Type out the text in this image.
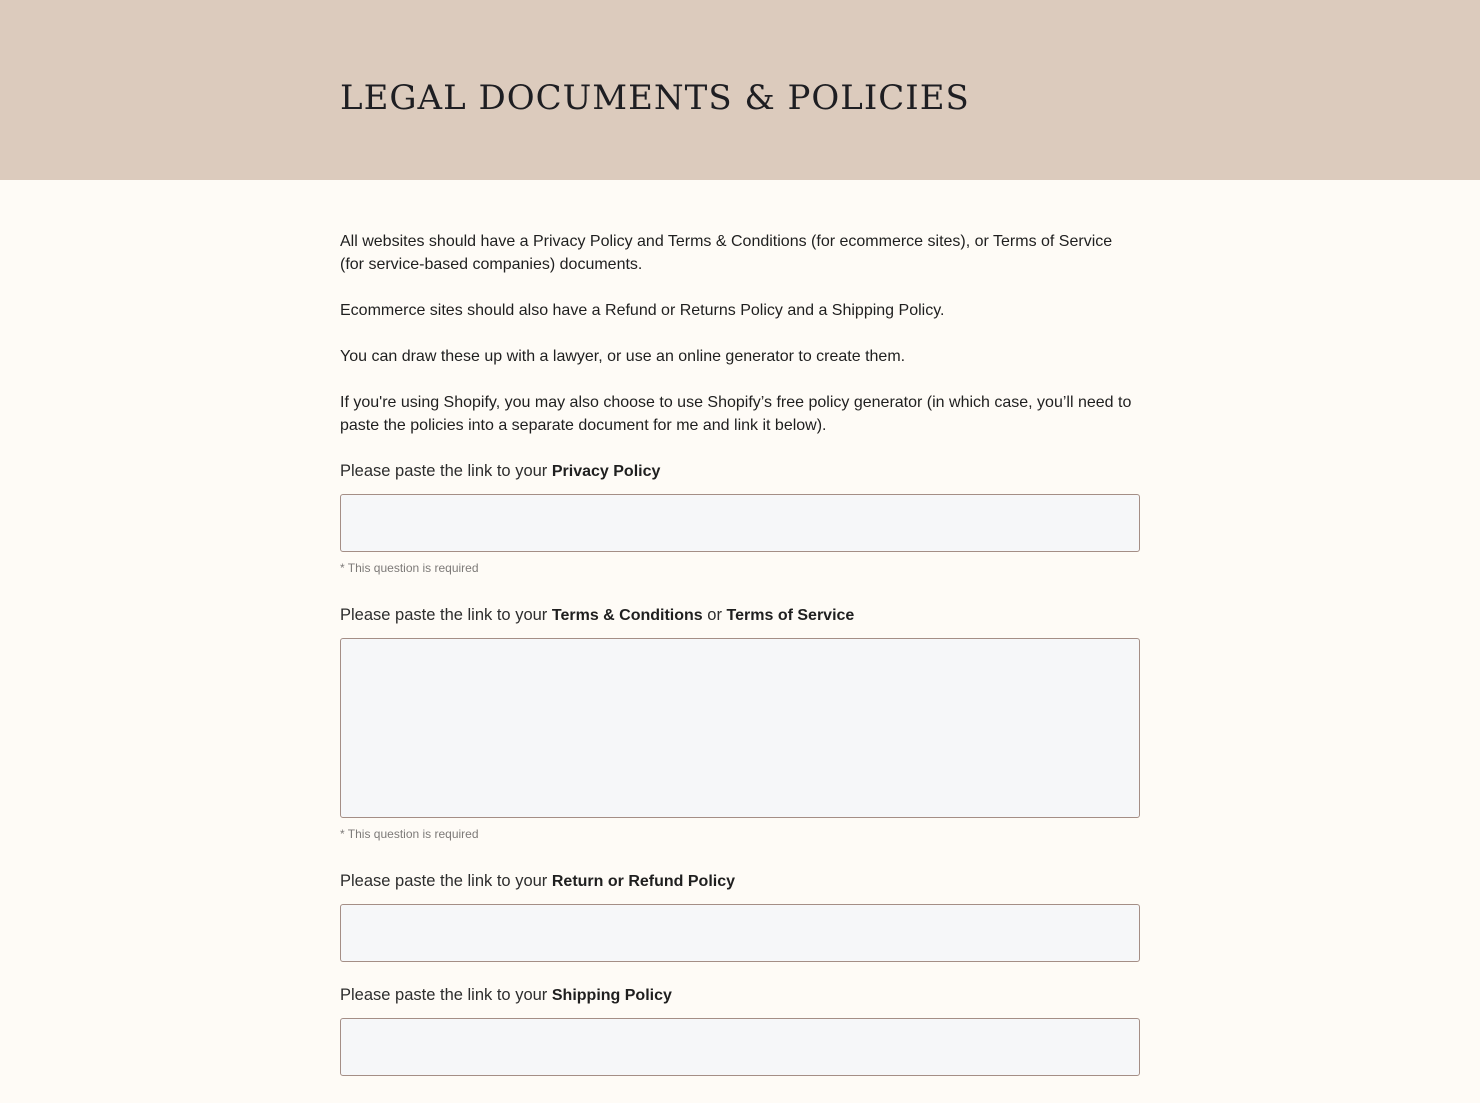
LEGAL DOCUMENTS & POLICIES

All websites should have a Privacy Policy and Terms & Conditions (for ecommerce sites), or Terms of Service (for service-based companies) documents.

Ecommerce sites should also have a Refund or Returns Policy and a Shipping Policy.

You can draw these up with a lawyer, or use an online generator to create them.

If you're using Shopify, you may also choose to use Shopify’s free policy generator (in which case, you’ll need to paste the policies into a separate document for me and link it below).

Please paste the link to your Privacy Policy

* This question is required

Please paste the link to your Terms & Conditions or Terms of Service

* This question is required

Please paste the link to your Return or Refund Policy

Please paste the link to your Shipping Policy
